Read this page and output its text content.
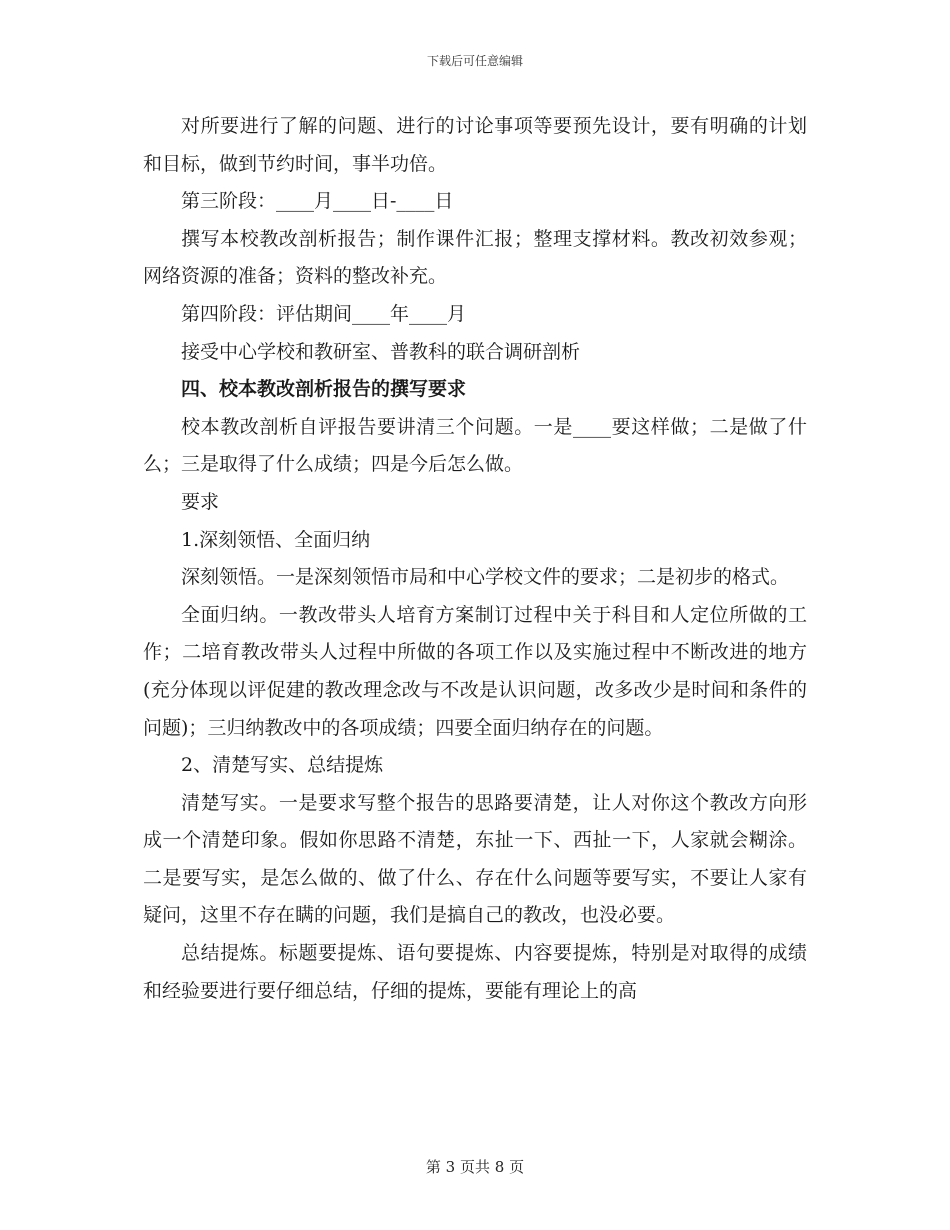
下载后可任意编辑

对所要进行了解的问题、进行的讨论事项等要预先设计，要有明确的计划和目标，做到节约时间，事半功倍。

第三阶段：____月____日-____日

撰写本校教改剖析报告；制作课件汇报；整理支撑材料。教改初效参观；网络资源的准备；资料的整改补充。

第四阶段：评估期间____年____月

接受中心学校和教研室、普教科的联合调研剖析

四、校本教改剖析报告的撰写要求

校本教改剖析自评报告要讲清三个问题。一是____要这样做；二是做了什么；三是取得了什么成绩；四是今后怎么做。

要求

1.深刻领悟、全面归纳

深刻领悟。一是深刻领悟市局和中心学校文件的要求；二是初步的格式。

全面归纳。一教改带头人培育方案制订过程中关于科目和人定位所做的工作；二培育教改带头人过程中所做的各项工作以及实施过程中不断改进的地方(充分体现以评促建的教改理念改与不改是认识问题，改多改少是时间和条件的问题)；三归纳教改中的各项成绩；四要全面归纳存在的问题。

2、清楚写实、总结提炼

清楚写实。一是要求写整个报告的思路要清楚，让人对你这个教改方向形成一个清楚印象。假如你思路不清楚，东扯一下、西扯一下，人家就会糊涂。二是要写实，是怎么做的、做了什么、存在什么问题等要写实，不要让人家有疑问，这里不存在瞒的问题，我们是搞自己的教改，也没必要。

总结提炼。标题要提炼、语句要提炼、内容要提炼，特别是对取得的成绩和经验要进行要仔细总结，仔细的提炼，要能有理论上的高

第 3 页共 8 页
